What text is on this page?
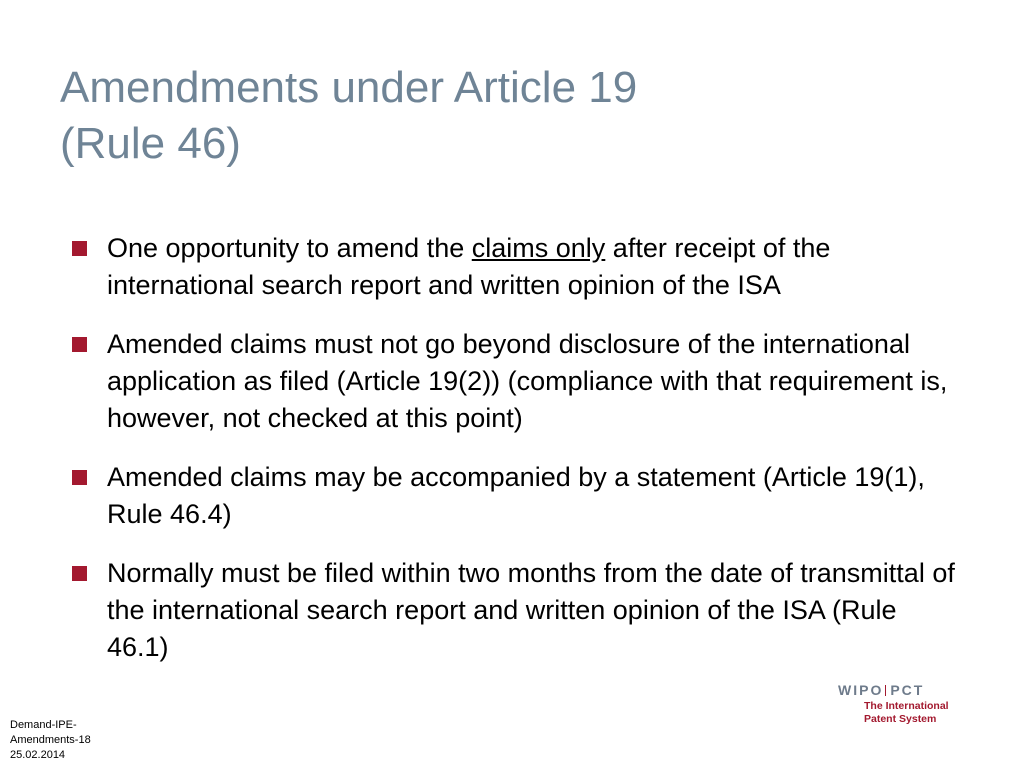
Amendments under Article 19
(Rule 46)
One opportunity to amend the claims only after receipt of the international search report and written opinion of the ISA
Amended claims must not go beyond disclosure of the international application as filed (Article 19(2)) (compliance with that requirement is, however, not checked at this point)
Amended claims may be accompanied by a statement (Article 19(1), Rule 46.4)
Normally must be filed within two months from the date of transmittal of the international search report and written opinion of the ISA (Rule 46.1)
WIPO PCT
The International
Patent System
Demand-IPE-
Amendments-18
25.02.2014
